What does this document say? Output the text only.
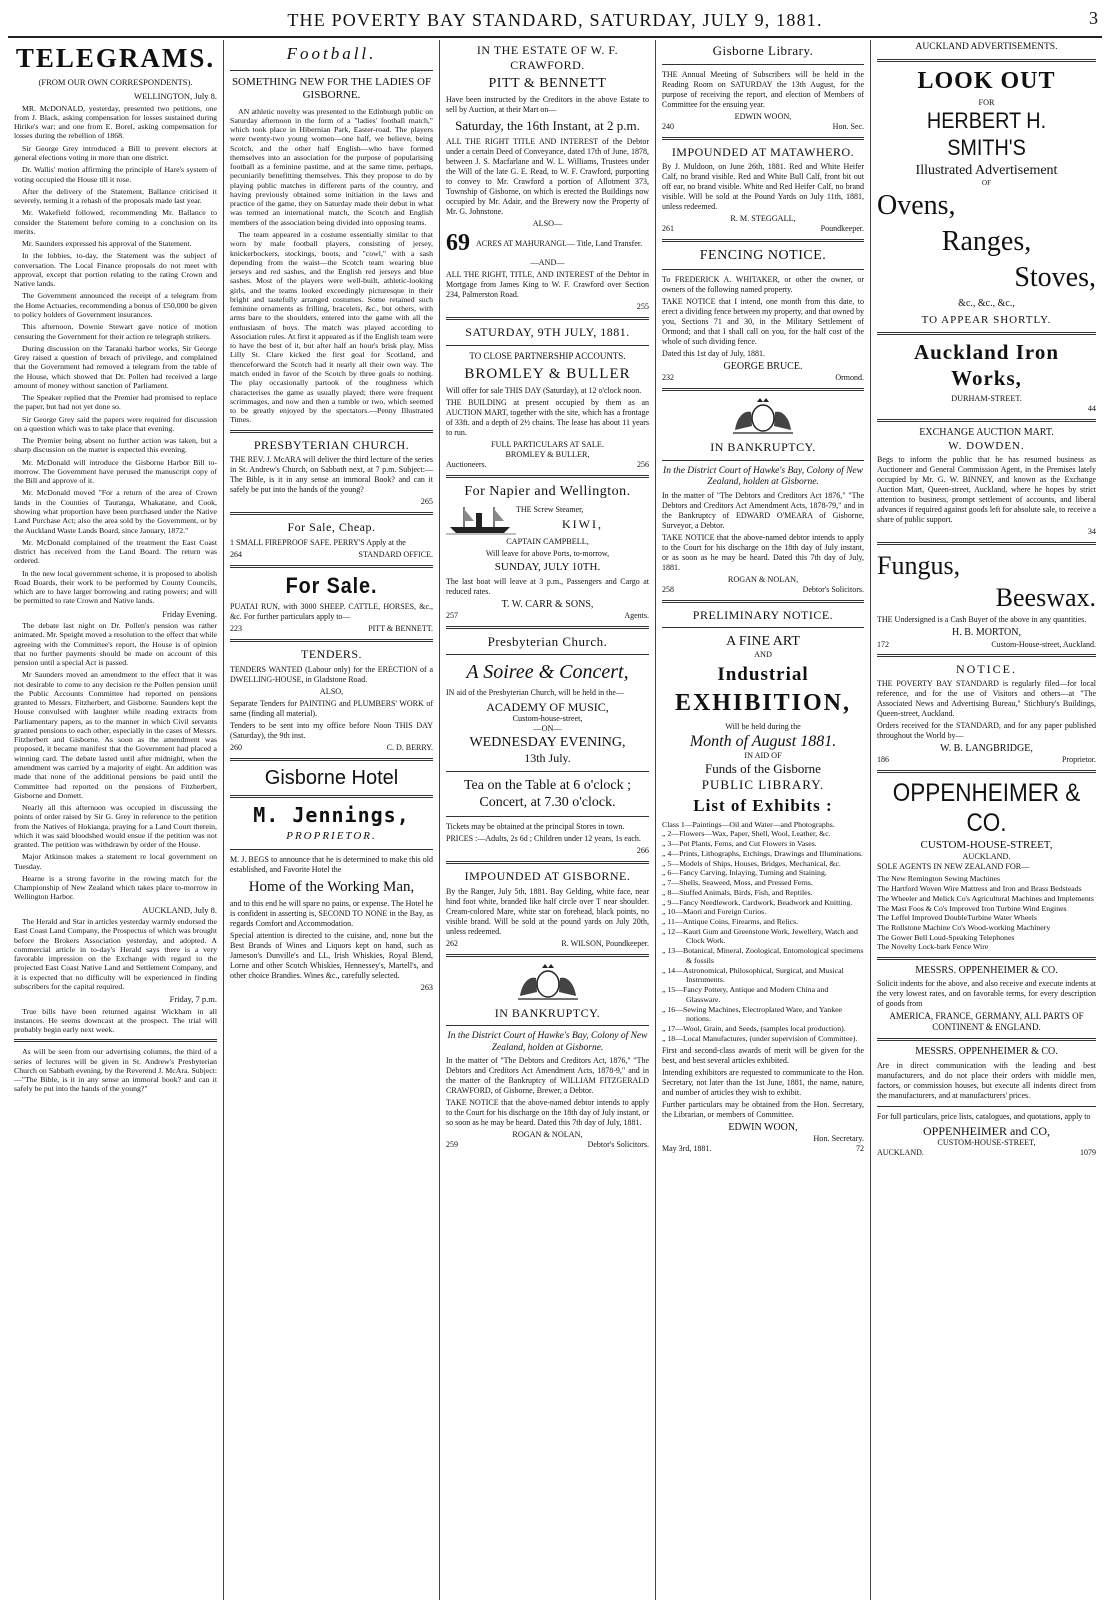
THE POVERTY BAY STANDARD, SATURDAY, JULY 9, 1881.	3
TELEGRAMS.
(FROM OUR OWN CORRESPONDENTS).
WELLINGTON, July 8.

MR. McDONALD, yesterday, presented two petitions, one from J. Black, asking compensation for losses sustained during Hirike's war; and one from E. Borel, asking compensation for losses during the rebellion of 1868.

Sir George Grey introduced a Bill to prevent electors at general elections voting in more than one district.

Dr. Wallis' motion affirming the principle of Hare's system of voting occupied the House till it rose.

After the delivery of the Statement, Ballance criticised it severely, terming it a rehash of the proposals made last year.

Mr. Wakefield followed, recommending Mr. Ballance to consider the Statement before coming to a conclusion on its merits.

Mr. Saunders expressed his approval of the Statement.

In the lobbies, to-day, the Statement was the subject of conversation. The Local Finance proposals do not meet with approval, except that portion relating to the rating Crown and Native lands.

The Government announced the receipt of a telegram from the Home Actuaries, recommending a bonus of £50,000 be given to policy holders of Government insurances.

This afternoon, Downie Stewart gave notice of motion censuring the Government for their action re telegraph strikers.

During discussion on the Taranaki harbor works, Sir George Grey raised a question of breach of privilege, and complained that the Government had removed a telegram from the table of the House, which showed that Dr. Pollen had received a large amount of money without sanction of Parliament.

The Speaker replied that the Premier had promised to replace the paper, but had not yet done so.

Sir George Grey said the papers were required for discussion on a question which was to take place that evening.

The Premier being absent no further action was taken, but a sharp discussion on the matter is expected this evening.

Mr. McDonald will introduce the Gisborne Harbor Bill to-morrow. The Government have perused the manuscript copy of the Bill and approve of it.

Mr. McDonald moved "For a return of the area of Crown lands in the Counties of Tauranga, Whakatane, and Cook, showing what proportion have been purchased under the Native Land Purchase Act; also the area sold by the Government, or by the Auckland Waste Lands Board, since January, 1872."

Mr. McDonald complained of the treatment the East Coast district has received from the Land Board. The return was ordered.

In the new local government scheme, it is proposed to abolish Road Boards, their work to be performed by County Councils, which are to have larger borrowing and rating powers; and will be permitted to rate Crown and Native lands.

Friday Evening.

The debate last night on Dr. Pollen's pension was rather animated. Mr. Speight moved a resolution to the effect that while agreeing with the Committee's report, the House is of opinion that no further payments should be made on account of this pension until a special Act is passed.

Mr Saunders moved an amendment to the effect that it was not desirable to come to any decision re the Pollen pension until the Public Accounts Committee had reported on pensions granted to Messrs. Fitzherbert, and Gisborne. Saunders kept the House convulsed with laughter while reading extracts from Parliamentary papers, as to the manner in which Civil servants granted pensions to each other, especially in the cases of Messrs. Fitzherbert and Gisborne. As soon as the amendment was proposed, it became manifest that the Government had placed a winning card. The debate lasted until after midnight, when the amendment was carried by a majority of eight. An addition was made that none of the additional pensions be paid until the Committee had reported on the pensions of Fitzherbert, Gisborne and Domett.

Nearly all this afternoon was occupied in discussing the points of order raised by Sir G. Grey in reference to the petition from the Natives of Hokianga, praying for a Land Court therein, which it was said bloodshed would ensue if the petition was not granted. The petition was withdrawn by order of the House.

Major Atkinson makes a statement re local government on Tuesday.

Hearne is a strong favorite in the rowing match for the Championship of New Zealand which takes place to-morrow in Wellington Harbor.

AUCKLAND, July 8.

The Herald and Star in articles yesterday warmly endorsed the East Coast Land Company, the Prospectus of which was brought before the Brokers Association yesterday, and adopted. A commercial article in to-day's Herald says there is a very favorable impression on the Exchange with regard to the projected East Coast Native Land and Settlement Company, and it is expected that no difficulty will be experienced in finding subscribers for the capital required.

Friday, 7 p.m.

True bills have been returned against Wickham in all instances. He seems downcast at the prospect. The trial will probably begin early next week.

As will be seen from our advertising columns, the third of a series of lectures will be given in St. Andrew's Presbyterian Church on Sabbath evening, by the Reverend J. McAra. Subject:—"The Bible, is it in any sense an immoral book? and can it safely be put into the hands of the young?"

Football.
SOMETHING NEW FOR THE LADIES OF GISBORNE.

AN athletic novelty was presented to the Edinburgh public on Saturday afternoon in the form of a "ladies' football match," which took place in Hibernian Park, Easter-road. The players were twenty-two young women—one half, we believe, being Scotch, and the other half English—who have formed themselves into an association for the purpose of popularising football as a feminine pastime, and at the same time, perhaps, pecuniarily benefitting themselves. This they propose to do by playing public matches in different parts of the country, and having previously obtained some initiation in the laws and practice of the game, they on Saturday made their debut in what was termed an international match, the Scotch and English members of the association being divided into opposing teams.

The team appeared in a costume essentially similar to that worn by male football players, consisting of jersey, knickerbockers, stockings, boots, and "cowl," with a sash depending from the waist—the Scotch team wearing blue jerseys and red sashes, and the English red jerseys and blue sashes. Most of the players were well-built, athletic-looking girls, and the teams looked exceedingly picturesque in their bright and tastefully arranged costumes. Some retained such feminine ornaments as frilling, bracelets, &c., but others, with arms bare to the shoulders, entered into the game with all the enthusiasm of boys. The match was played according to Association rules. At first it appeared as if the English team were to have the best of it, but after half an hour's brisk play, Miss Lilly St. Clare kicked the first goal for Scotland, and thenceforward the Scotch had it nearly all their own way. The match ended in favor of the Scotch by three goals to nothing. The play occasionally partook of the roughness which characterises the game as usually played; there were frequent scrimmages, and now and then a tumble or two, which seemed to be greatly enjoyed by the spectators.—Penny Illustrated Times.

PRESBYTERIAN CHURCH.

THE REV. J. McARA will deliver the third lecture of the series in St. Andrew's Church, on Sabbath next, at 7 p.m. Subject:—The Bible, is it in any sense an immoral Book? and can it safely be put into the hands of the young?

265
For Sale, Cheap.

1 SMALL FIREPROOF SAFE. PERRY'S Apply at the

264	STANDARD OFFICE.
For Sale.

PUATAI RUN, with 3000 SHEEP. CATTLE, HORSES, &c., &c. For further particulars apply to—

223	PITT & BENNETT.
TENDERS.

TENDERS WANTED (Labour only) for the ERECTION of a DWELLING-HOUSE, in Gladstone Road.

ALSO,

Separate Tenders for PAINTING and PLUMBERS' WORK of same (finding all material).

Tenders to be sent into my office before Noon THIS DAY (Saturday), the 9th inst.

260	C. D. BERRY.
Gisborne Hotel
M. Jennings,
PROPRIETOR.

M. J. BEGS to announce that he is determined to make this old established, and Favorite Hotel the

Home of the Working Man,

and to this end he will spare no pains, or expense. The Hotel he is confident in asserting is, SECOND TO NONE in the Bay, as regards Comfort and Accommodation.

Special attention is directed to the cuisine, and, none but the Best Brands of Wines and Liquors kept on hand, such as Jameson's Dunville's and LL, Irish Whiskies, Royal Blend, Lorne and other Scotch Whiskies, Hennessey's, Martell's, and other choice Brandies. Wines &c., carefully selected.

263
IN THE ESTATE OF W. F. CRAWFORD.
PITT & BENNETT

Have been instructed by the Creditors in the above Estate to sell by Auction, at their Mart on—

Saturday, the 16th Instant, at 2 p.m.

ALL THE RIGHT TITLE AND INTEREST of the Debtor under a certain Deed of Conveyance, dated 17th of June, 1878, between J. S. Macfarlane and W. L. Williams, Trustees under the Will of the late G. E. Read, to W. F. Crawford, purporting to convey to Mr. Crawford a portion of Allotment 373, Township of Gisborne, on which is erected the Buildings now occupied by Mr. Adair, and the Brewery now the Property of Mr. G. Johnstone.

ALSO—
69 ACRES AT MAHURANGI.— Title, Land Transfer.
—AND—

ALL THE RIGHT, TITLE, AND INTEREST of the Debtor in Mortgage from James King to W. F. Crawford over Section 234, Palmerston Road.

255
SATURDAY, 9TH JULY, 1881.
TO CLOSE PARTNERSHIP ACCOUNTS.
BROMLEY & BULLER

Will offer for sale THIS DAY (Saturday), at 12 o'clock noon.

THE BUILDING at present occupied by them as an AUCTION MART, together with the site, which has a frontage of 33ft. and a depth of 2½ chains. The lease has about 11 years to run.

FULL PARTICULARS AT SALE.
BROMLEY & BULLER,
Auctioneers.	256
For Napier and Wellington.
THE Screw Steamer,
KIWI,
CAPTAIN CAMPBELL,
Will leave for above Ports, to-morrow,
SUNDAY, JULY 10TH.

The last boat will leave at 3 p.m., Passengers and Cargo at reduced rates.

T. W. CARR & SONS,
257	Agents.
Presbyterian Church.
A Soiree & Concert,

IN aid of the Presbyterian Church, will be held in the—

ACADEMY OF MUSIC,
Custom-house-street,
—ON—
WEDNESDAY EVENING,
13th July.
Tea on the Table at 6 o'clock ;
Concert, at 7.30 o'clock.

Tickets may be obtained at the principal Stores in town.

PRICES :—Adults, 2s 6d ; Children under 12 years, 1s each.

266
IMPOUNDED AT GISBORNE.

By the Ranger, July 5th, 1881. Bay Gelding, white face, near hind foot white, branded like half circle over T near shoulder. Cream-colored Mare, white star on forehead, black points, no visible brand. Will be sold at the pound yards on July 20th, unless redeemed.

262	R. WILSON, Poundkeeper.
IN BANKRUPTCY.
In the District Court of Hawke's Bay, Colony of New Zealand, holden at Gisborne.

In the matter of "The Debtors and Creditors Act, 1876," "The Debtors and Creditors Act Amendment Acts, 1878-9," and in the matter of the Bankruptcy of WILLIAM FITZGERALD CRAWFORD, of Gisborne, Brewer, a Debtor.

TAKE NOTICE that the above-named debtor intends to apply to the Court for his discharge on the 18th day of July instant, or so soon as he may be heard. Dated this 7th day of July, 1881.

ROGAN & NOLAN,
259	Debtor's Solicitors.
Gisborne Library.

THE Annual Meeting of Subscribers will be held in the Reading Room on SATURDAY the 13th August, for the purpose of receiving the report, and election of Members of Committee for the ensuing year.

EDWIN WOON,
240	Hon. Sec.
IMPOUNDED AT MATAWHERO.

By J. Muldoon, on June 26th, 1881. Red and White Heifer Calf, no brand visible. Red and White Bull Calf, front bit out off ear, no brand visible. White and Red Heifer Calf, no brand visible. Will be sold at the Pound Yards on July 11th, 1881, unless redeemed.

R. M. STEGGALL,
261	Poundkeeper.
FENCING NOTICE.

To FREDERICK A. WHITAKER, or other the owner, or owners of the following named property.

TAKE NOTICE that I intend, one month from this date, to erect a dividing fence between my property, and that owned by you, Sections 71 and 30, in the Military Settlement of Ormond; and that I shall call on you, for the half cost of the whole of such dividing fence.

Dated this 1st day of July, 1881.
GEORGE BRUCE.
232	Ormond.
IN BANKRUPTCY.
In the District Court of Hawke's Bay, Colony of New Zealand, holden at Gisborne.

In the matter of "The Debtors and Creditors Act 1876," "The Debtors and Creditors Act Amendment Acts, 1878-79," and in the Bankruptcy of EDWARD O'MEARA of Gisborne, Surveyor, a Debtor.

TAKE NOTICE that the above-named debtor intends to apply to the Court for his discharge on the 18th day of July instant, or as soon as he may be heard. Dated this 7th day of July, 1881.

ROGAN & NOLAN,
258	Debtor's Solicitors.
PRELIMINARY NOTICE.
A FINE ART
AND
Industrial
EXHIBITION,
Will be held during the
Month of August 1881.
IN AID OF
Funds of the Gisborne
PUBLIC LIBRARY.
List of Exhibits :
Class 1—Paintings—Oil and Water—and Photographs.
„ 2—Flowers—Wax, Paper, Shell, Wool, Leather, &c.
„ 3—Pot Plants, Ferns, and Cut Flowers in Vases.
„ 4—Prints, Lithographs, Etchings, Drawings and Illuminations.
„ 5—Models of Ships, Houses, Bridges, Mechanical, &c.
„ 6—Fancy Carving, Inlaying, Turning and Staining.
„ 7—Shells, Seaweed, Moss, and Pressed Ferns.
„ 8—Stuffed Animals, Birds, Fish, and Reptiles.
„ 9—Fancy Needlework, Cardwork, Beadwork and Knitting.
„ 10—Maori and Foreign Curios.
„ 11—Antique Coins, Firearms, and Relics.
„ 12—Kauri Gum and Greenstone Work, Jewellery, Watch and Clock Work.
„ 13—Botanical, Mineral, Zoological, Entomological specimens & fossils
„ 14—Astronomical, Philosophical, Surgical, and Musical Instruments.
„ 15—Fancy Pottery, Antique and Modern China and Glassware.
„ 16—Sewing Machines, Electroplated Ware, and Yankee notions.
„ 17—Wool, Grain, and Seeds, (samples local production).
„ 18—Local Manufactures, (under supervision of Committee).

First and second-class awards of merit will be given for the best, and best several articles exhibited.

Intending exhibitors are requested to communicate to the Hon. Secretary, not later than the 1st June, 1881, the name, nature, and number of articles they wish to exhibit.

Further particulars may be obtained from the Hon. Secretary, the Librarian, or members of Committee.

EDWIN WOON,
Hon. Secretary.
May 3rd, 1881.	72
AUCKLAND ADVERTISEMENTS.
LOOK OUT
FOR
HERBERT H. SMITH'S
Illustrated Advertisement
OF
Ovens,
Ranges,
Stoves,
&c., &c., &c.,
TO APPEAR SHORTLY.
Auckland Iron Works,
DURHAM-STREET.
44
EXCHANGE AUCTION MART.
W. DOWDEN.

Begs to inform the public that he has resumed business as Auctioneer and General Commission Agent, in the Premises lately occupied by Mr. G. W. BINNEY, and known as the Exchange Auction Mart, Queen-street, Auckland, where he hopes by strict attention to business, prompt settlement of accounts, and liberal advances if required against goods left for absolute sale, to receive a share of public support.

34
Fungus,
Beeswax.

THE Undersigned is a Cash Buyer of the above in any quantities.

H. B. MORTON,
172	Custom-House-street, Auckland.
NOTICE.

THE POVERTY BAY STANDARD is regularly filed—for local reference, and for the use of Visitors and others—at "The Associated News and Advertising Bureau," Stichbury's Buildings, Queen-street, Auckland.

Orders received for the STANDARD, and for any paper published throughout the World by—

W. B. LANGBRIDGE,
186	Proprietor.
OPPENHEIMER & CO.
CUSTOM-HOUSE-STREET,
AUCKLAND.
SOLE AGENTS IN NEW ZEALAND FOR—
The New Remington Sewing Machines
The Hartford Woven Wire Mattress and Iron and Brass Bedsteads
The Wheeler and Melick Co's Agricultural Machines and Implements
The Mast Foos & Co's Improved Iron Turbine Wind Engines
The Leffel Improved DoubleTurbine Water Wheels
The Rollstone Machine Co's Wood-working Machinery
The Gower Bell Loud-Speaking Telephones
The Novelty Lock-bark Fence Wire
MESSRS. OPPENHEIMER & CO.

Solicit indents for the above, and also receive and execute indents at the very lowest rates, and on favorable terms, for every description of goods from

AMERICA, FRANCE, GERMANY, ALL PARTS OF CONTINENT & ENGLAND.
MESSRS. OPPENHEIMER & CO.

Are in direct communication with the leading and best manufacturers, and do not place their orders with middle men, factors, or commission houses, but execute all indents direct from the manufacturers, and at manufacturers' prices.

For full particulars, price lists, catalogues, and quotations, apply to

OPPENHEIMER and CO,
CUSTOM-HOUSE-STREET,
AUCKLAND.	1079
